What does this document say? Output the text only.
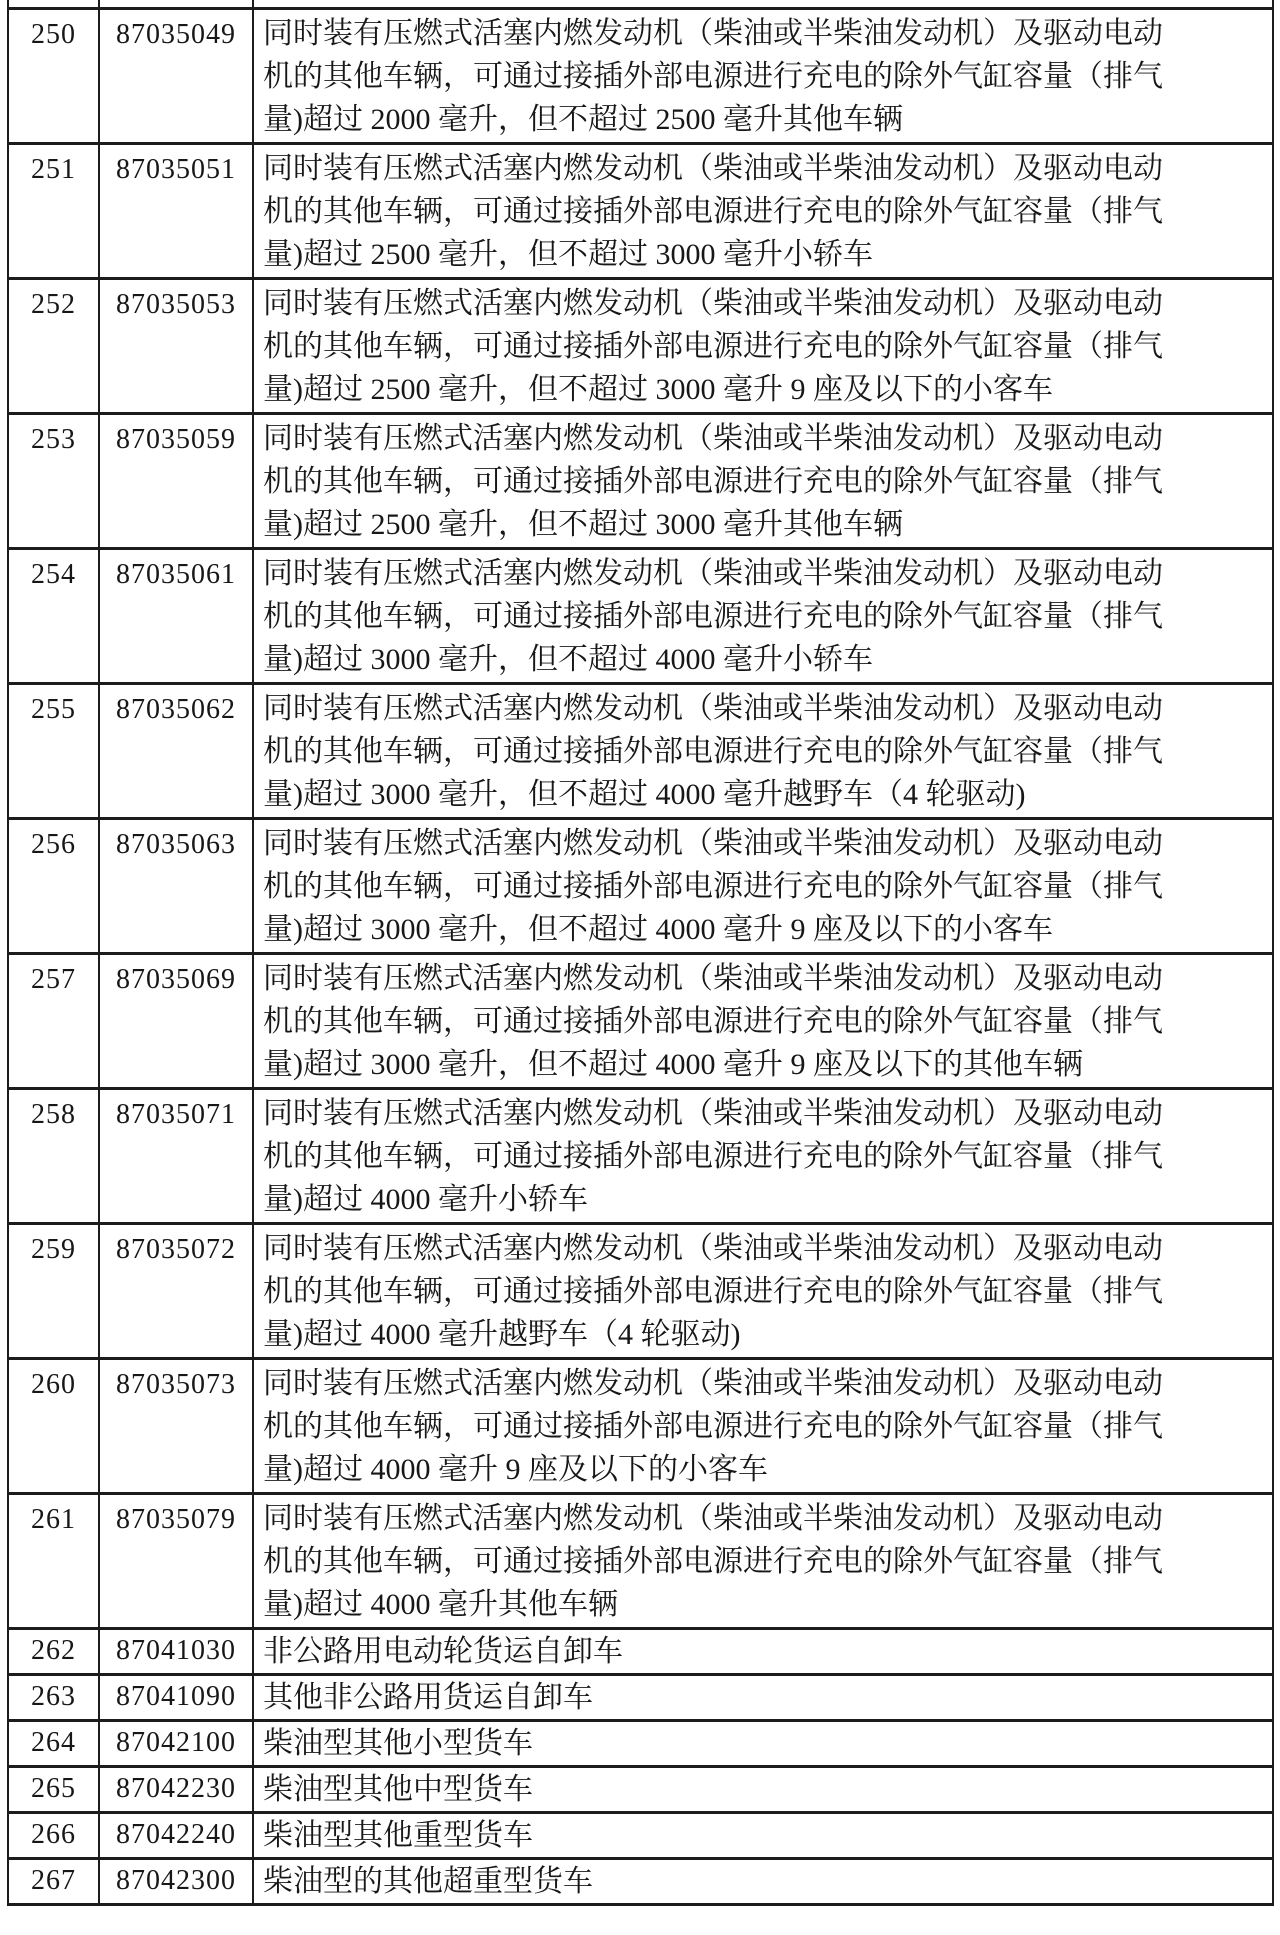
250	87035049	同时装有压燃式活塞内燃发动机（柴油或半柴油发动机）及驱动电动
机的其他车辆，可通过接插外部电源进行充电的除外气缸容量（排气
量)超过 2000 毫升，但不超过 2500 毫升其他车辆

251	87035051	同时装有压燃式活塞内燃发动机（柴油或半柴油发动机）及驱动电动
机的其他车辆，可通过接插外部电源进行充电的除外气缸容量（排气
量)超过 2500 毫升，但不超过 3000 毫升小轿车

252	87035053	同时装有压燃式活塞内燃发动机（柴油或半柴油发动机）及驱动电动
机的其他车辆，可通过接插外部电源进行充电的除外气缸容量（排气
量)超过 2500 毫升，但不超过 3000 毫升 9 座及以下的小客车

253	87035059	同时装有压燃式活塞内燃发动机（柴油或半柴油发动机）及驱动电动
机的其他车辆，可通过接插外部电源进行充电的除外气缸容量（排气
量)超过 2500 毫升，但不超过 3000 毫升其他车辆

254	87035061	同时装有压燃式活塞内燃发动机（柴油或半柴油发动机）及驱动电动
机的其他车辆，可通过接插外部电源进行充电的除外气缸容量（排气
量)超过 3000 毫升，但不超过 4000 毫升小轿车

255	87035062	同时装有压燃式活塞内燃发动机（柴油或半柴油发动机）及驱动电动
机的其他车辆，可通过接插外部电源进行充电的除外气缸容量（排气
量)超过 3000 毫升，但不超过 4000 毫升越野车（4 轮驱动)

256	87035063	同时装有压燃式活塞内燃发动机（柴油或半柴油发动机）及驱动电动
机的其他车辆，可通过接插外部电源进行充电的除外气缸容量（排气
量)超过 3000 毫升，但不超过 4000 毫升 9 座及以下的小客车

257	87035069	同时装有压燃式活塞内燃发动机（柴油或半柴油发动机）及驱动电动
机的其他车辆，可通过接插外部电源进行充电的除外气缸容量（排气
量)超过 3000 毫升，但不超过 4000 毫升 9 座及以下的其他车辆

258	87035071	同时装有压燃式活塞内燃发动机（柴油或半柴油发动机）及驱动电动
机的其他车辆，可通过接插外部电源进行充电的除外气缸容量（排气
量)超过 4000 毫升小轿车

259	87035072	同时装有压燃式活塞内燃发动机（柴油或半柴油发动机）及驱动电动
机的其他车辆，可通过接插外部电源进行充电的除外气缸容量（排气
量)超过 4000 毫升越野车（4 轮驱动)

260	87035073	同时装有压燃式活塞内燃发动机（柴油或半柴油发动机）及驱动电动
机的其他车辆，可通过接插外部电源进行充电的除外气缸容量（排气
量)超过 4000 毫升 9 座及以下的小客车

261	87035079	同时装有压燃式活塞内燃发动机（柴油或半柴油发动机）及驱动电动
机的其他车辆，可通过接插外部电源进行充电的除外气缸容量（排气
量)超过 4000 毫升其他车辆

262	87041030	非公路用电动轮货运自卸车

263	87041090	其他非公路用货运自卸车

264	87042100	柴油型其他小型货车

265	87042230	柴油型其他中型货车

266	87042240	柴油型其他重型货车

267	87042300	柴油型的其他超重型货车
